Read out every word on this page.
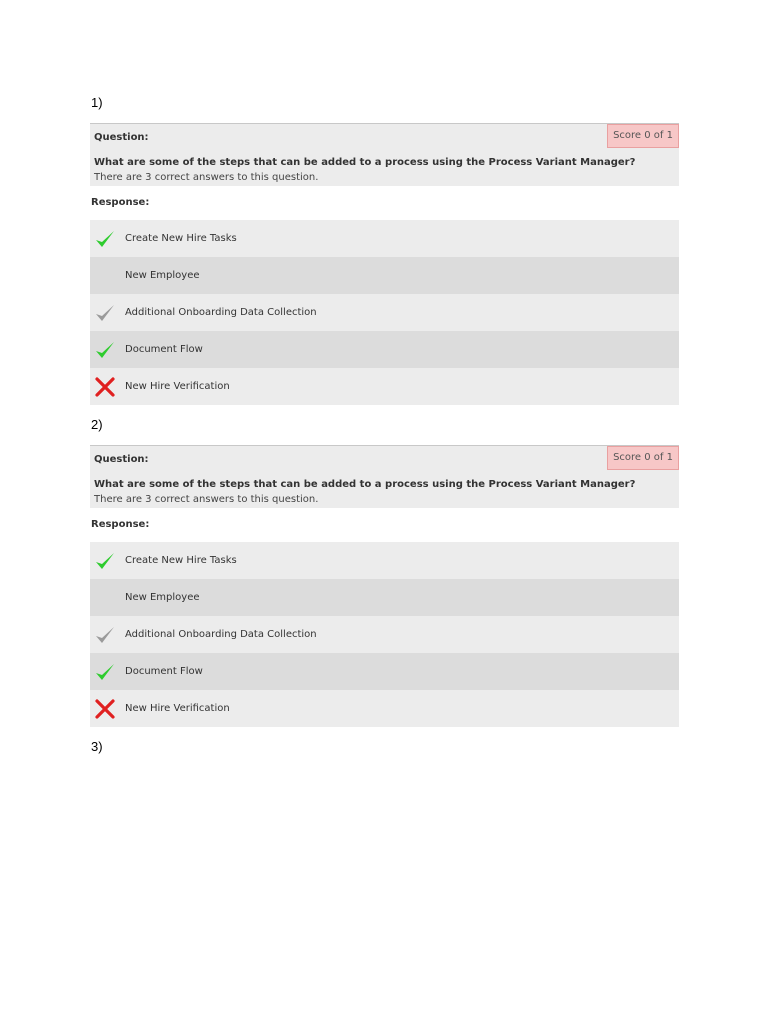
1)
Question:	Score 0 of 1
What are some of the steps that can be added to a process using the Process Variant Manager?
There are 3 correct answers to this question.
Response:
Create New Hire Tasks
New Employee
Additional Onboarding Data Collection
Document Flow
New Hire Verification
2)
Question:	Score 0 of 1
What are some of the steps that can be added to a process using the Process Variant Manager?
There are 3 correct answers to this question.
Response:
Create New Hire Tasks
New Employee
Additional Onboarding Data Collection
Document Flow
New Hire Verification
3)
